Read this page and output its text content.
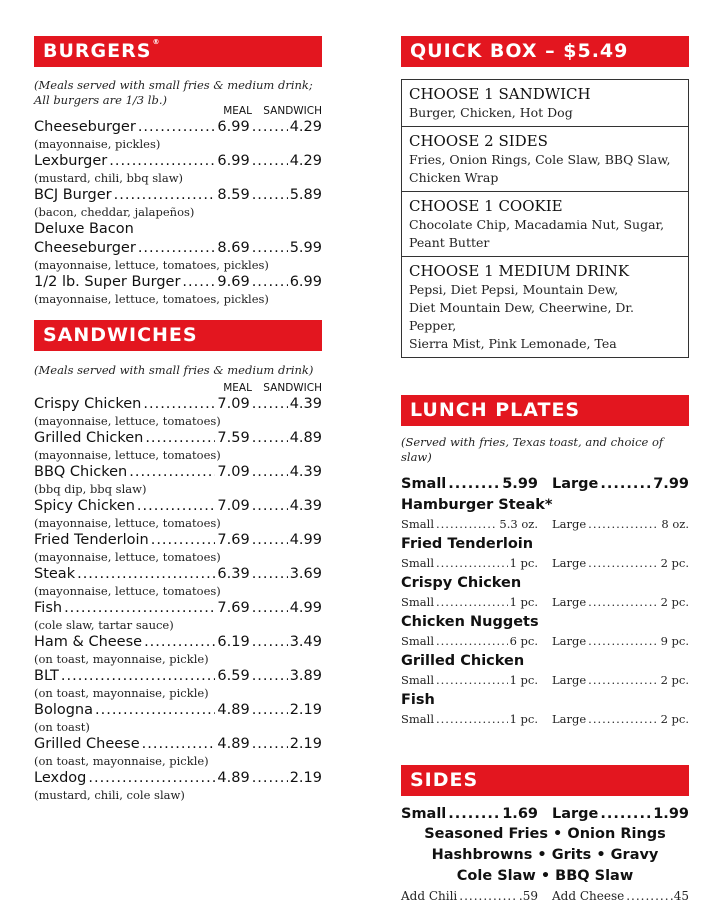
BURGERS®
(Meals served with small fries & medium drink;
All burgers are 1/3 lb.)
MEAL SANDWICH
Cheeseburger .....	6.99 .....	4.29
(mayonnaise, pickles)
Lexburger .....	6.99 .....	4.29
(mustard, chili, bbq slaw)
BCJ Burger .....	8.59 .....	5.89
(bacon, cheddar, jalapeños)
Deluxe Bacon
Cheeseburger .....	8.69 .....	5.99
(mayonnaise, lettuce, tomatoes, pickles)
1/2 lb. Super Burger .....	9.69 .....	6.99
(mayonnaise, lettuce, tomatoes, pickles)
SANDWICHES
(Meals served with small fries & medium drink)
MEAL SANDWICH
Crispy Chicken .....	7.09 .....	4.39
(mayonnaise, lettuce, tomatoes)
Grilled Chicken .....	7.59 .....	4.89
(mayonnaise, lettuce, tomatoes)
BBQ Chicken .....	7.09 .....	4.39
(bbq dip, bbq slaw)
Spicy Chicken .....	7.09 .....	4.39
(mayonnaise, lettuce, tomatoes)
Fried Tenderloin .....	7.69 .....	4.99
(mayonnaise, lettuce, tomatoes)
Steak .....	6.39 .....	3.69
(mayonnaise, lettuce, tomatoes)
Fish .....	7.69 .....	4.99
(cole slaw, tartar sauce)
Ham & Cheese .....	6.19 .....	3.49
(on toast, mayonnaise, pickle)
BLT .....	6.59 .....	3.89
(on toast, mayonnaise, pickle)
Bologna .....	4.89 .....	2.19
(on toast)
Grilled Cheese .....	4.89 .....	2.19
(on toast, mayonnaise, pickle)
Lexdog .....	4.89 .....	2.19
(mustard, chili, cole slaw)
QUICK BOX – $5.49
CHOOSE 1 SANDWICH
Burger, Chicken, Hot Dog
CHOOSE 2 SIDES
Fries, Onion Rings, Cole Slaw, BBQ Slaw,
Chicken Wrap
CHOOSE 1 COOKIE
Chocolate Chip, Macadamia Nut, Sugar,
Peant Butter
CHOOSE 1 MEDIUM DRINK
Pepsi, Diet Pepsi, Mountain Dew,
Diet Mountain Dew, Cheerwine, Dr. Pepper,
Sierra Mist, Pink Lemonade, Tea
LUNCH PLATES
(Served with fries, Texas toast, and choice of slaw)
Small .....	5.99 Large .....	7.99
Hamburger Steak*
Small .....	5.3 oz. Large .....	8 oz.
Fried Tenderloin
Small .....	1 pc. Large .....	2 pc.
Crispy Chicken
Small .....	1 pc. Large .....	2 pc.
Chicken Nuggets
Small .....	6 pc. Large .....	9 pc.
Grilled Chicken
Small .....	1 pc. Large .....	2 pc.
Fish
Small .....	1 pc. Large .....	2 pc.
SIDES
Small .....	1.69 Large .....	1.99
Seasoned Fries • Onion Rings
Hashbrowns • Grits • Gravy
Cole Slaw • BBQ Slaw
Add Chili .....	.59 Add Cheese .....	.45
